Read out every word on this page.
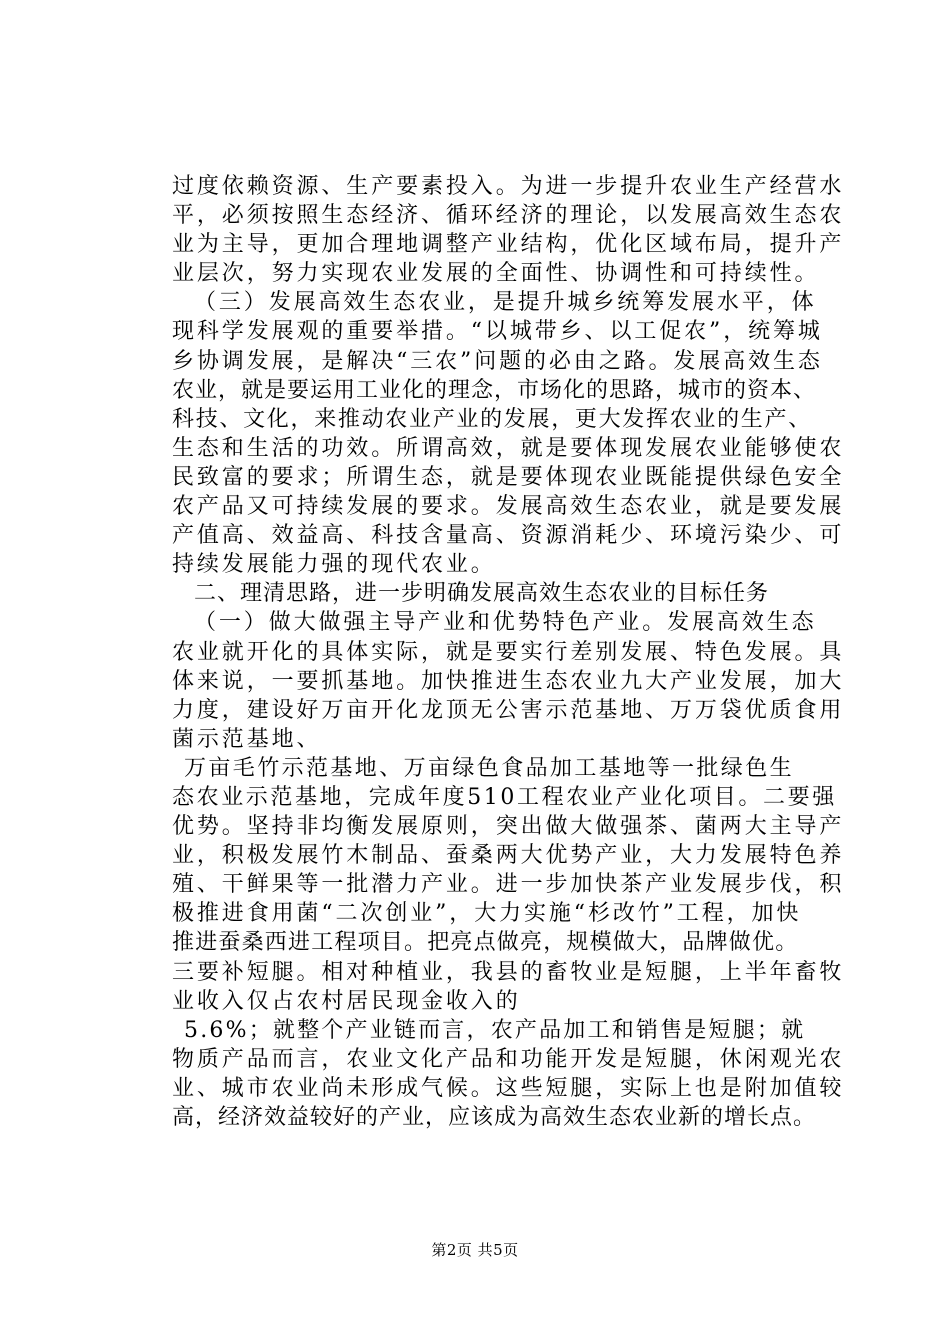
过度依赖资源、生产要素投入。为进一步提升农业生产经营水
平，必须按照生态经济、循环经济的理论，以发展高效生态农
业为主导，更加合理地调整产业结构，优化区域布局，提升产
业层次，努力实现农业发展的全面性、协调性和可持续性。
（三）发展高效生态农业，是提升城乡统筹发展水平，体
现科学发展观的重要举措。“以城带乡、以工促农”，统筹城
乡协调发展，是解决“三农”问题的必由之路。发展高效生态
农业，就是要运用工业化的理念，市场化的思路，城市的资本、
科技、文化，来推动农业产业的发展，更大发挥农业的生产、
生态和生活的功效。所谓高效，就是要体现发展农业能够使农
民致富的要求；所谓生态，就是要体现农业既能提供绿色安全
农产品又可持续发展的要求。发展高效生态农业，就是要发展
产值高、效益高、科技含量高、资源消耗少、环境污染少、可
持续发展能力强的现代农业。
二、理清思路，进一步明确发展高效生态农业的目标任务
（一）做大做强主导产业和优势特色产业。发展高效生态
农业就开化的具体实际，就是要实行差别发展、特色发展。具
体来说，一要抓基地。加快推进生态农业九大产业发展，加大
力度，建设好万亩开化龙顶无公害示范基地、万万袋优质食用
菌示范基地、
万亩毛竹示范基地、万亩绿色食品加工基地等一批绿色生
态农业示范基地，完成年度510工程农业产业化项目。二要强
优势。坚持非均衡发展原则，突出做大做强茶、菌两大主导产
业，积极发展竹木制品、蚕桑两大优势产业，大力发展特色养
殖、干鲜果等一批潜力产业。进一步加快茶产业发展步伐，积
极推进食用菌“二次创业”，大力实施“杉改竹”工程，加快
推进蚕桑西进工程项目。把亮点做亮，规模做大，品牌做优。
三要补短腿。相对种植业，我县的畜牧业是短腿，上半年畜牧
业收入仅占农村居民现金收入的
5.6%；就整个产业链而言，农产品加工和销售是短腿；就
物质产品而言，农业文化产品和功能开发是短腿，休闲观光农
业、城市农业尚未形成气候。这些短腿，实际上也是附加值较
高，经济效益较好的产业，应该成为高效生态农业新的增长点。
第2页 共5页
